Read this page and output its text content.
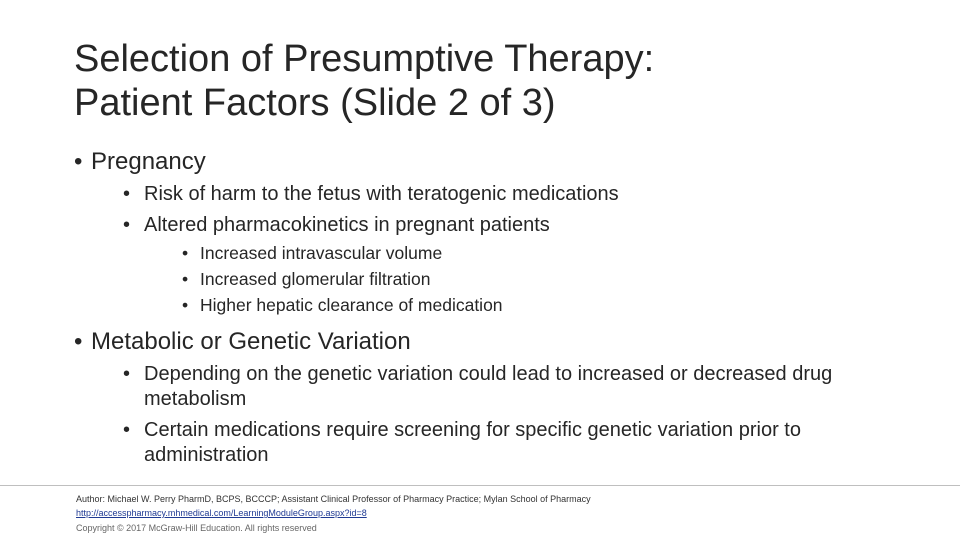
Selection of Presumptive Therapy:
Patient Factors (Slide 2 of 3)
• Pregnancy
• Risk of harm to the fetus with teratogenic medications
• Altered pharmacokinetics in pregnant patients
• Increased intravascular volume
• Increased glomerular filtration
• Higher hepatic clearance of medication
• Metabolic or Genetic Variation
• Depending on the genetic variation could lead to increased or decreased drug metabolism
• Certain medications require screening for specific genetic variation prior to administration
Author: Michael W. Perry PharmD, BCPS, BCCCP; Assistant Clinical Professor of Pharmacy Practice; Mylan School of Pharmacy
http://accesspharmacy.mhmedical.com/LearningModuleGroup.aspx?id=8
Copyright © 2017 McGraw-Hill Education. All rights reserved
